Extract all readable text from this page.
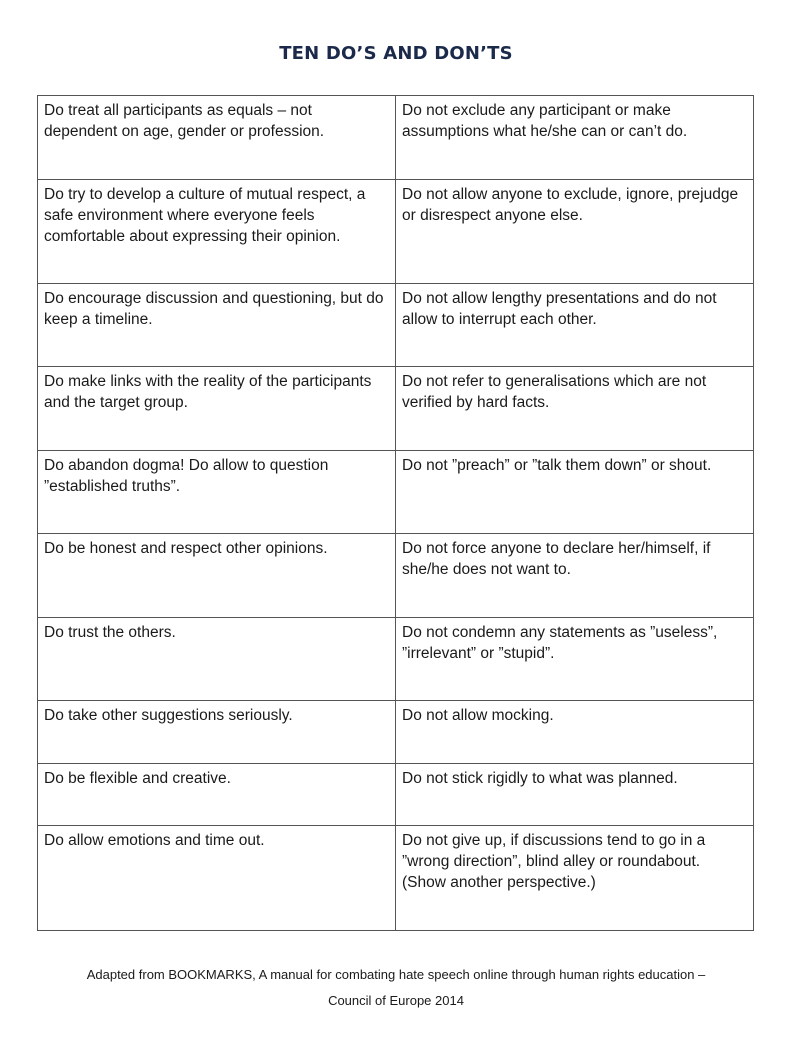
TEN DO’S AND DON’TS
Do treat all participants as equals – not dependent on age, gender or profession.	Do not exclude any participant or make assumptions what he/she can or can’t do.
Do try to develop a culture of mutual respect, a safe environment where everyone feels comfortable about expressing their opinion.	Do not allow anyone to exclude, ignore, prejudge or disrespect anyone else.
Do encourage discussion and questioning, but do keep a timeline.	Do not allow lengthy presentations and do not allow to interrupt each other.
Do make links with the reality of the participants and the target group.	Do not refer to generalisations which are not verified by hard facts.
Do abandon dogma! Do allow to question ”established truths”.	Do not ”preach” or ”talk them down” or shout.
Do be honest and respect other opinions.	Do not force anyone to declare her/himself, if she/he does not want to.
Do trust the others.	Do not condemn any statements as ”useless”, ”irrelevant” or ”stupid”.
Do take other suggestions seriously.	Do not allow mocking.
Do be flexible and creative.	Do not stick rigidly to what was planned.
Do allow emotions and time out.	Do not give up, if discussions tend to go in a ”wrong direction”, blind alley or roundabout. (Show another perspective.)
Adapted from BOOKMARKS, A manual for combating hate speech online through human rights education –
Council of Europe 2014
